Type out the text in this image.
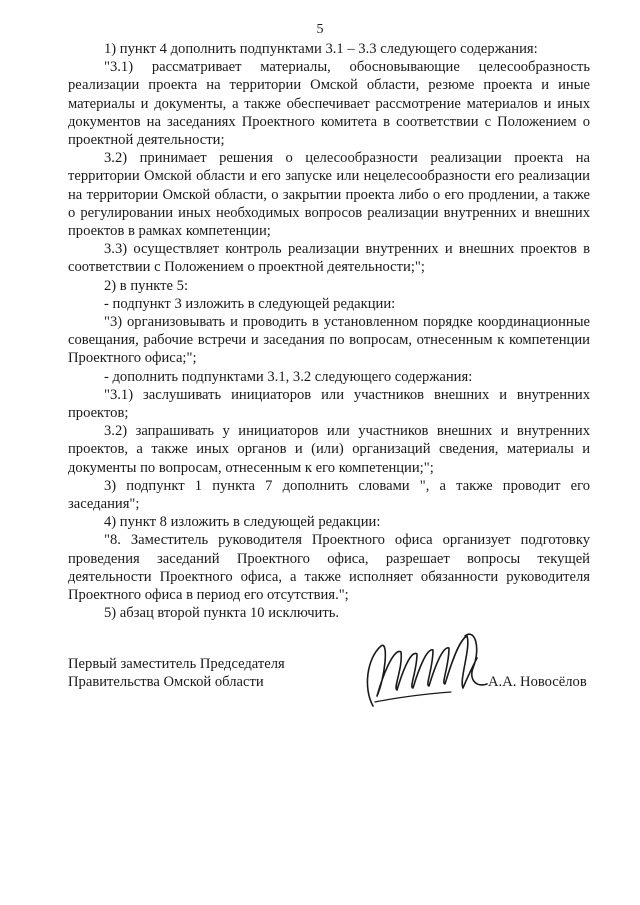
5

1) пункт 4 дополнить подпунктами 3.1 – 3.3 следующего содержания:

"3.1) рассматривает материалы, обосновывающие целесообразность реализации проекта на территории Омской области, резюме проекта и иные материалы и документы, а также обеспечивает рассмотрение материалов и иных документов на заседаниях Проектного комитета в соответствии с Положением о проектной деятельности;

3.2) принимает решения о целесообразности реализации проекта на территории Омской области и его запуске или нецелесообразности его реализации на территории Омской области, о закрытии проекта либо о его продлении, а также о регулировании иных необходимых вопросов реализации внутренних и внешних проектов в рамках компетенции;

3.3) осуществляет контроль реализации внутренних и внешних проектов в соответствии с Положением о проектной деятельности;";

2) в пункте 5:

- подпункт 3 изложить в следующей редакции:

"3) организовывать и проводить в установленном порядке координационные совещания, рабочие встречи и заседания по вопросам, отнесенным к компетенции Проектного офиса;";

- дополнить подпунктами 3.1, 3.2 следующего содержания:

"3.1) заслушивать инициаторов или участников внешних и внутренних проектов;

3.2) запрашивать у инициаторов или участников внешних и внутренних проектов, а также иных органов и (или) организаций сведения, материалы и документы по вопросам, отнесенным к его компетенции;";

3) подпункт 1 пункта 7 дополнить словами ", а также проводит его заседания";

4) пункт 8 изложить в следующей редакции:

"8. Заместитель руководителя Проектного офиса организует подготовку проведения заседаний Проектного офиса, разрешает вопросы текущей деятельности Проектного офиса, а также исполняет обязанности руководителя Проектного офиса в период его отсутствия.";

5) абзац второй пункта 10 исключить.

Первый заместитель Председателя
Правительства Омской области	А.А. Новосёлов
